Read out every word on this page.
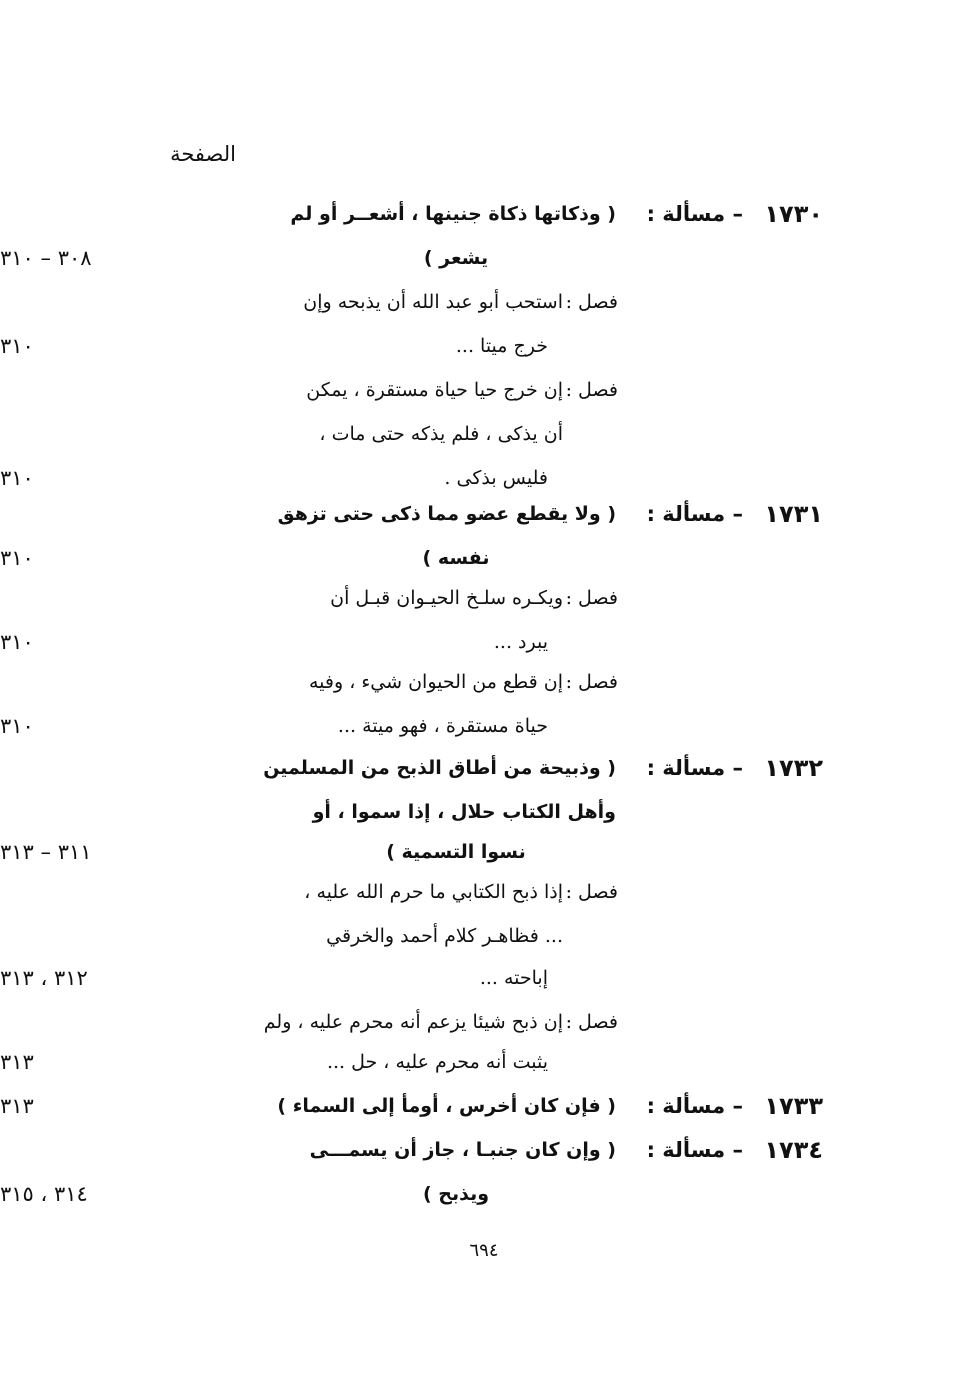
الصفحة
١٧٣٠
– مسألة :
( وذكاتها ذكاة جنينها ، أشعــر أو لم
يشعر )
٣٠٨ – ٣١٠
فصل :
استحب أبو عبد الله أن يذبحه وإن
خرج ميتا ...
٣١٠
فصل :
إن خرج حيا حياة مستقرة ، يمكن
أن يذكى ، فلم يذكه حتى مات ،
فليس بذكى .
٣١٠
١٧٣١
– مسألة :
( ولا يقطع عضو مما ذكى حتى تزهق
نفسه )
٣١٠
فصل :
ويكـره سلـخ الحيـوان قبـل أن
يبرد ...
٣١٠
فصل :
إن قطع من الحيوان شيء ، وفيه
حياة مستقرة ، فهو ميتة ...
٣١٠
١٧٣٢
– مسألة :
( وذبيحة من أطاق الذبح من المسلمين
وأهل الكتاب حلال ، إذا سموا ، أو
نسوا التسمية )
٣١١ – ٣١٣
فصل :
إذا ذبح الكتابي ما حرم الله عليه ،
... فظاهـر كلام أحمد والخرقي
إباحته ...
٣١٢ ، ٣١٣
فصل :
إن ذبح شيئا يزعم أنه محرم عليه ، ولم
يثبت أنه محرم عليه ، حل ...
٣١٣
١٧٣٣
– مسألة :
( فإن كان أخرس ، أومأ إلى السماء )
٣١٣
١٧٣٤
– مسألة :
( وإن كان جنبـا ، جاز أن يسمـــى
ويذبح )
٣١٤ ، ٣١٥
٦٩٤
